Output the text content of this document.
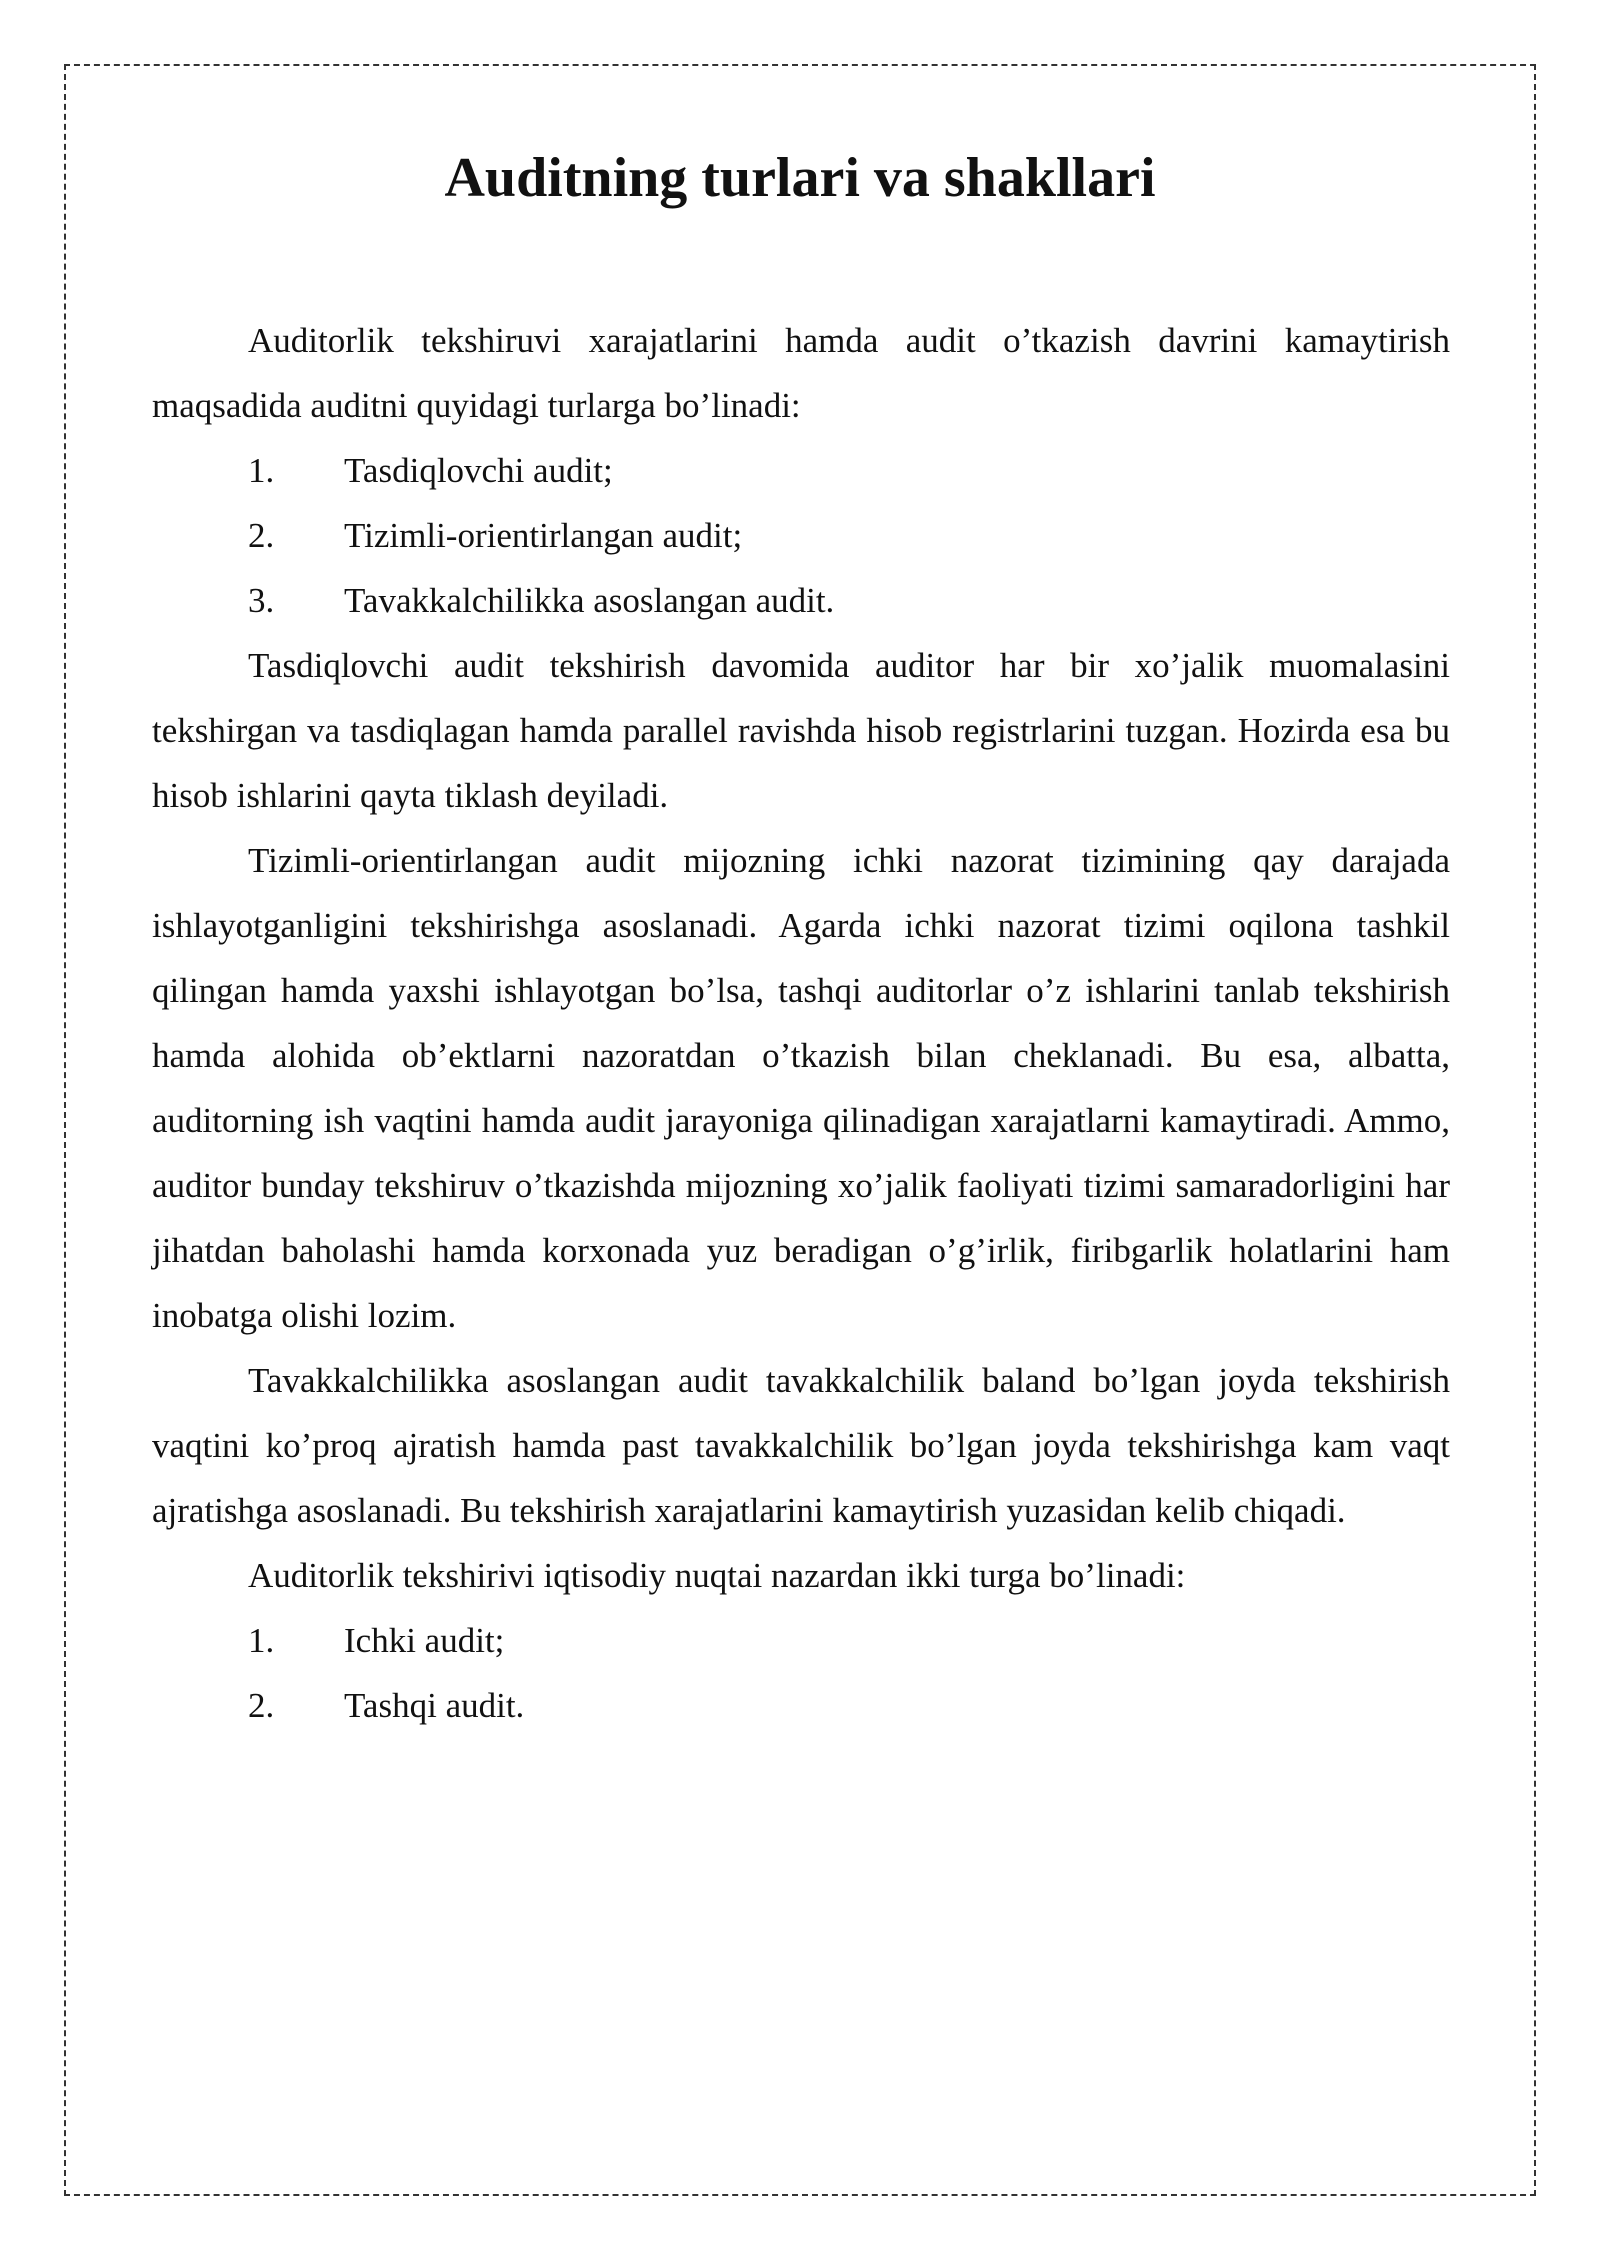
Auditning turlari va shakllari

Auditorlik tekshiruvi xarajatlarini hamda audit o’tkazish davrini kamaytirish maqsadida auditni quyidagi turlarga bo’linadi:

1.	Tasdiqlovchi audit;
2.	Tizimli-orientirlangan audit;
3.	Tavakkalchilikka asoslangan audit.

Tasdiqlovchi audit tekshirish davomida auditor har bir xo’jalik muomalasini tekshirgan va tasdiqlagan hamda parallel ravishda hisob registrlarini tuzgan. Hozirda esa bu hisob ishlarini qayta tiklash deyiladi.

Tizimli-orientirlangan audit mijozning ichki nazorat tizimining qay darajada ishlayotganligini tekshirishga asoslanadi. Agarda ichki nazorat tizimi oqilona tashkil qilingan hamda yaxshi ishlayotgan bo’lsa, tashqi auditorlar o’z ishlarini tanlab tekshirish hamda alohida ob’ektlarni nazoratdan o’tkazish bilan cheklanadi. Bu esa, albatta, auditorning ish vaqtini hamda audit jarayoniga qilinadigan xarajatlarni kamaytiradi. Ammo, auditor bunday tekshiruv o’tkazishda mijozning xo’jalik faoliyati tizimi samaradorligini har jihatdan baholashi hamda korxonada yuz beradigan o’g’irlik, firibgarlik holatlarini ham inobatga olishi lozim.

Tavakkalchilikka asoslangan audit tavakkalchilik baland bo’lgan joyda tekshirish vaqtini ko’proq ajratish hamda past tavakkalchilik bo’lgan joyda tekshirishga kam vaqt ajratishga asoslanadi. Bu tekshirish xarajatlarini kamaytirish yuzasidan kelib chiqadi.

Auditorlik tekshirivi iqtisodiy nuqtai nazardan ikki turga bo’linadi:

1.	Ichki audit;
2.	Tashqi audit.
